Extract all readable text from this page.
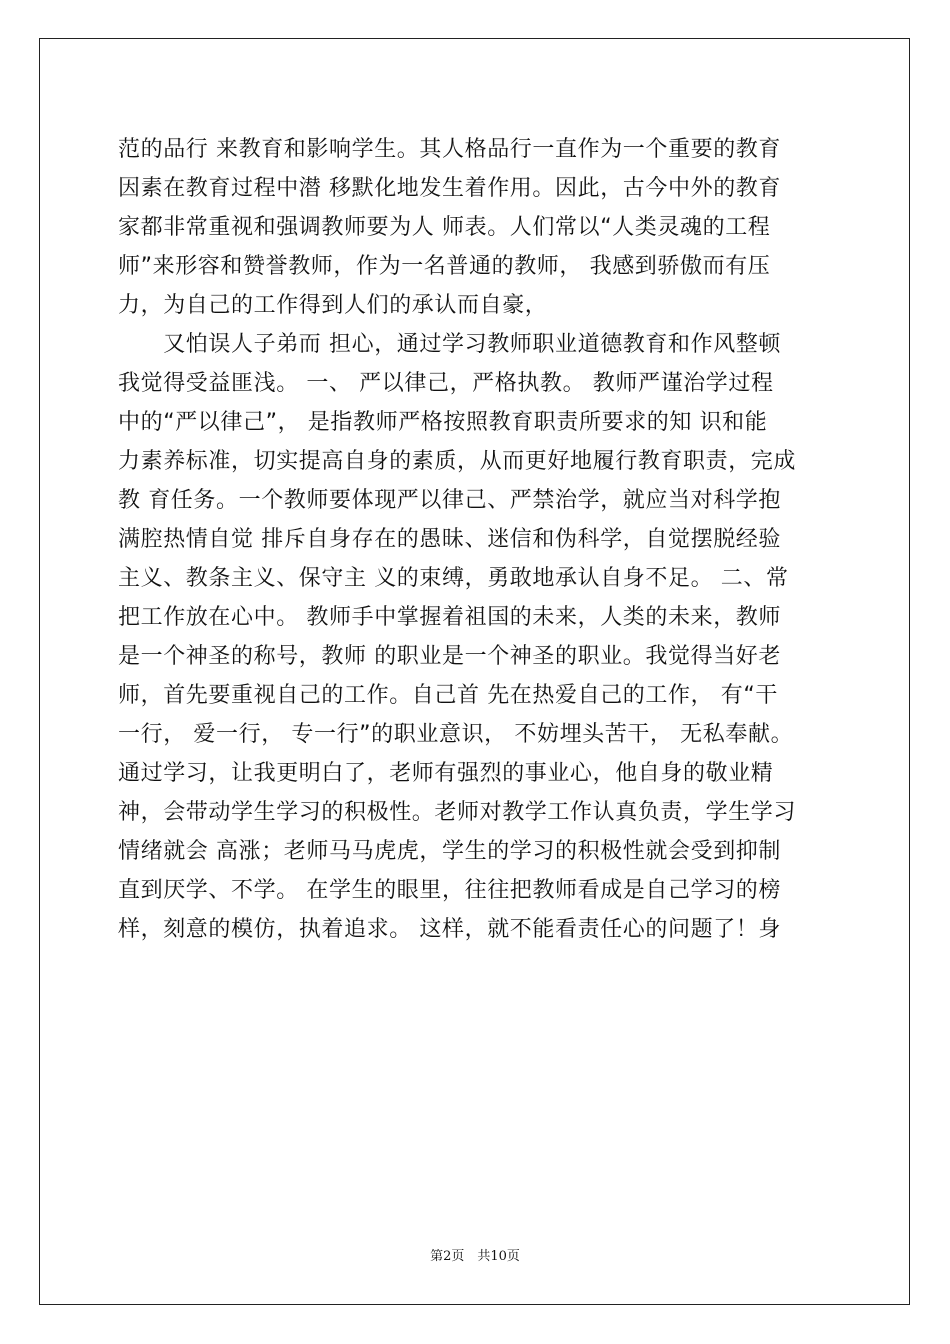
范的品行 来教育和影响学生。其人格品行一直作为一个重要的教育
因素在教育过程中潜 移默化地发生着作用。因此，古今中外的教育
家都非常重视和强调教师要为人 师表。人们常以“人类灵魂的工程
师”来形容和赞誉教师，作为一名普通的教师， 我感到骄傲而有压
力，为自己的工作得到人们的承认而自豪，
　　又怕误人子弟而 担心，通过学习教师职业道德教育和作风整顿
我觉得受益匪浅。 一、 严以律己，严格执教。 教师严谨治学过程
中的“严以律己”， 是指教师严格按照教育职责所要求的知 识和能
力素养标准，切实提高自身的素质，从而更好地履行教育职责，完成
教 育任务。一个教师要体现严以律己、严禁治学，就应当对科学抱
满腔热情自觉 排斥自身存在的愚昧、迷信和伪科学，自觉摆脱经验
主义、教条主义、保守主 义的束缚，勇敢地承认自身不足。 二、常
把工作放在心中。 教师手中掌握着祖国的未来，人类的未来，教师
是一个神圣的称号，教师 的职业是一个神圣的职业。我觉得当好老
师，首先要重视自己的工作。自己首 先在热爱自己的工作， 有“干
一行， 爱一行， 专一行”的职业意识， 不妨埋头苦干， 无私奉献。
通过学习，让我更明白了，老师有强烈的事业心，他自身的敬业精
神，会带动学生学习的积极性。老师对教学工作认真负责，学生学习
情绪就会 高涨；老师马马虎虎，学生的学习的积极性就会受到抑制
直到厌学、不学。 在学生的眼里，往往把教师看成是自己学习的榜
样，刻意的模仿，执着追求。 这样，就不能看责任心的问题了！身
第2页　共10页
